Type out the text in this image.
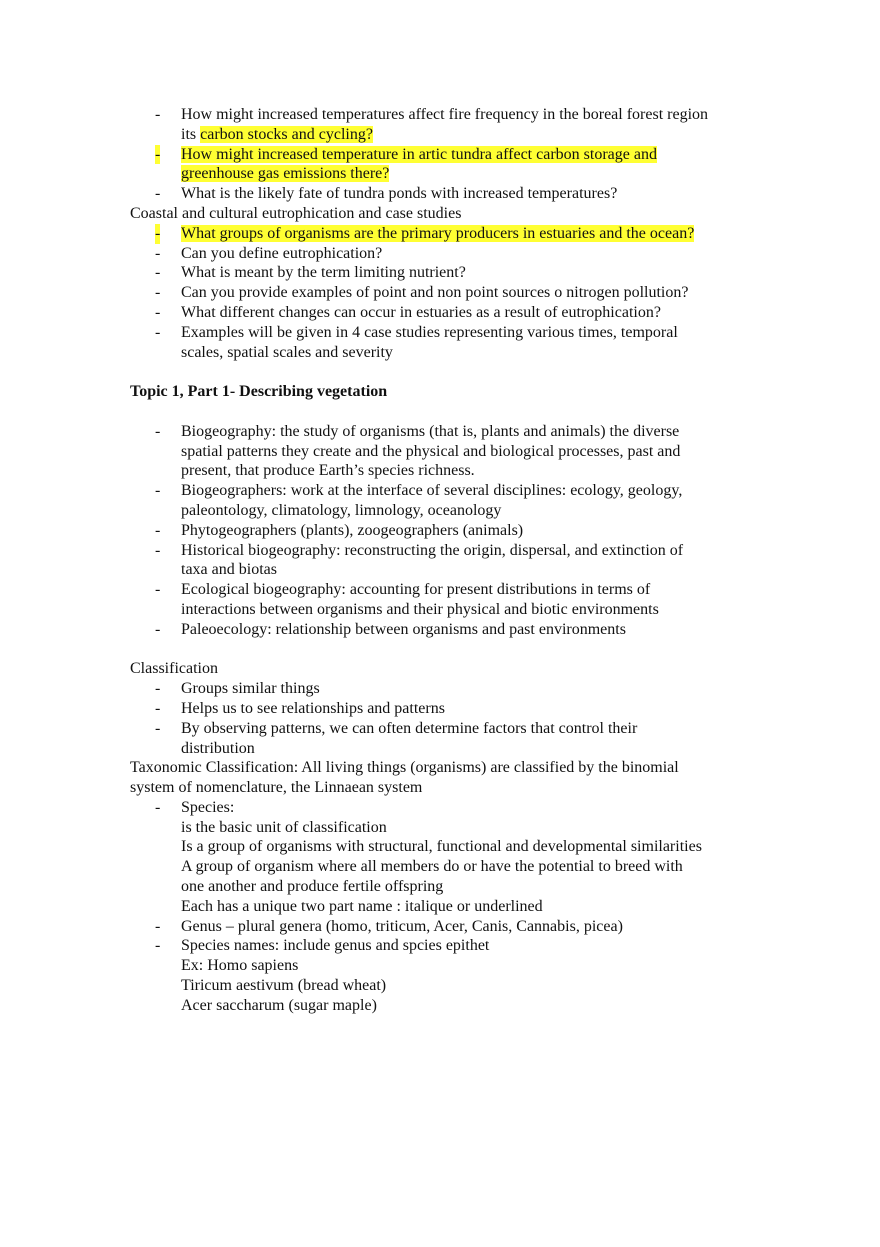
- How might increased temperatures affect fire frequency in the boreal forest region
its carbon stocks and cycling?
- How might increased temperature in artic tundra affect carbon storage and
greenhouse gas emissions there?
- What is the likely fate of tundra ponds with increased temperatures?
Coastal and cultural eutrophication and case studies
- What groups of organisms are the primary producers in estuaries and the ocean?
- Can you define eutrophication?
- What is meant by the term limiting nutrient?
- Can you provide examples of point and non point sources o nitrogen pollution?
- What different changes can occur in estuaries as a result of eutrophication?
- Examples will be given in 4 case studies representing various times, temporal
scales, spatial scales and severity
Topic 1, Part 1- Describing vegetation
- Biogeography: the study of organisms (that is, plants and animals) the diverse
spatial patterns they create and the physical and biological processes, past and
present, that produce Earth’s species richness.
- Biogeographers: work at the interface of several disciplines: ecology, geology,
paleontology, climatology, limnology, oceanology
- Phytogeographers (plants), zoogeographers (animals)
- Historical biogeography: reconstructing the origin, dispersal, and extinction of
taxa and biotas
- Ecological biogeography: accounting for present distributions in terms of
interactions between organisms and their physical and biotic environments
- Paleoecology: relationship between organisms and past environments
Classification
- Groups similar things
- Helps us to see relationships and patterns
- By observing patterns, we can often determine factors that control their
distribution
Taxonomic Classification: All living things (organisms) are classified by the binomial
system of nomenclature, the Linnaean system
- Species:
is the basic unit of classification
Is a group of organisms with structural, functional and developmental similarities
A group of organism where all members do or have the potential to breed with
one another and produce fertile offspring
Each has a unique two part name : italique or underlined
- Genus – plural genera (homo, triticum, Acer, Canis, Cannabis, picea)
- Species names: include genus and spcies epithet
Ex: Homo sapiens
Tiricum aestivum (bread wheat)
Acer saccharum (sugar maple)
